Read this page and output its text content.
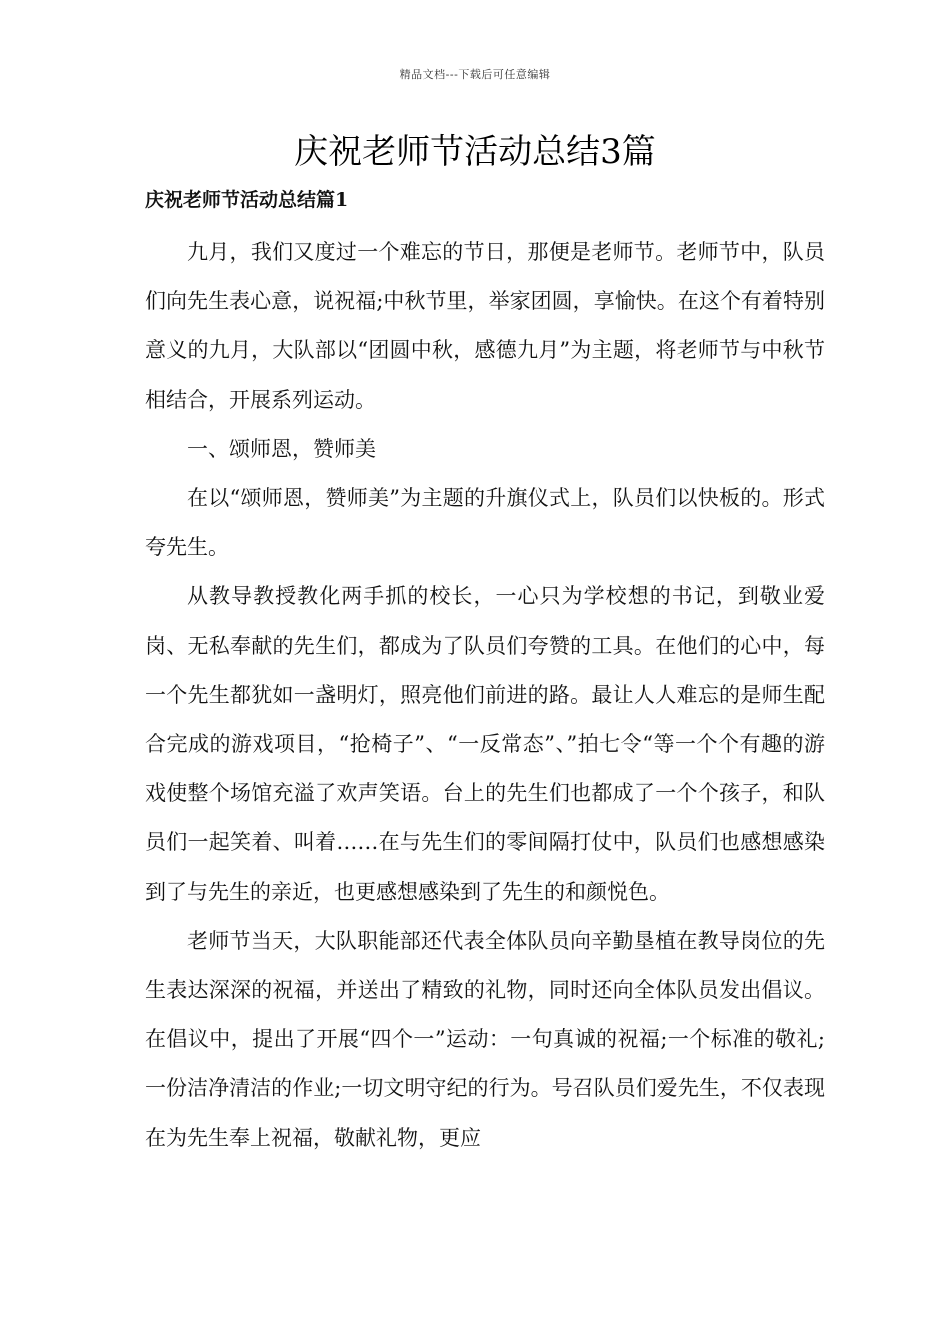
精品文档---下载后可任意编辑
庆祝老师节活动总结3篇
庆祝老师节活动总结篇1

九月，我们又度过一个难忘的节日，那便是老师节。老师节中，队员们向先生表心意，说祝福;中秋节里，举家团圆，享愉快。在这个有着特别意义的九月，大队部以“团圆中秋，感德九月”为主题，将老师节与中秋节相结合，开展系列运动。

一、颂师恩，赞师美

在以“颂师恩，赞师美”为主题的升旗仪式上，队员们以快板的。形式夸先生。

从教导教授教化两手抓的校长，一心只为学校想的书记，到敬业爱岗、无私奉献的先生们，都成为了队员们夸赞的工具。在他们的心中，每一个先生都犹如一盏明灯，照亮他们前进的路。最让人人难忘的是师生配合完成的游戏项目，“抢椅子”、“一反常态”、”拍七令“等一个个有趣的游戏使整个场馆充溢了欢声笑语。台上的先生们也都成了一个个孩子，和队员们一起笑着、叫着……在与先生们的零间隔打仗中，队员们也感想感染到了与先生的亲近，也更感想感染到了先生的和颜悦色。

老师节当天，大队职能部还代表全体队员向辛勤垦植在教导岗位的先生表达深深的祝福，并送出了精致的礼物，同时还向全体队员发出倡议。在倡议中，提出了开展“四个一”运动：一句真诚的祝福;一个标准的敬礼;一份洁净清洁的作业;一切文明守纪的行为。号召队员们爱先生，不仅表现在为先生奉上祝福，敬献礼物，更应
